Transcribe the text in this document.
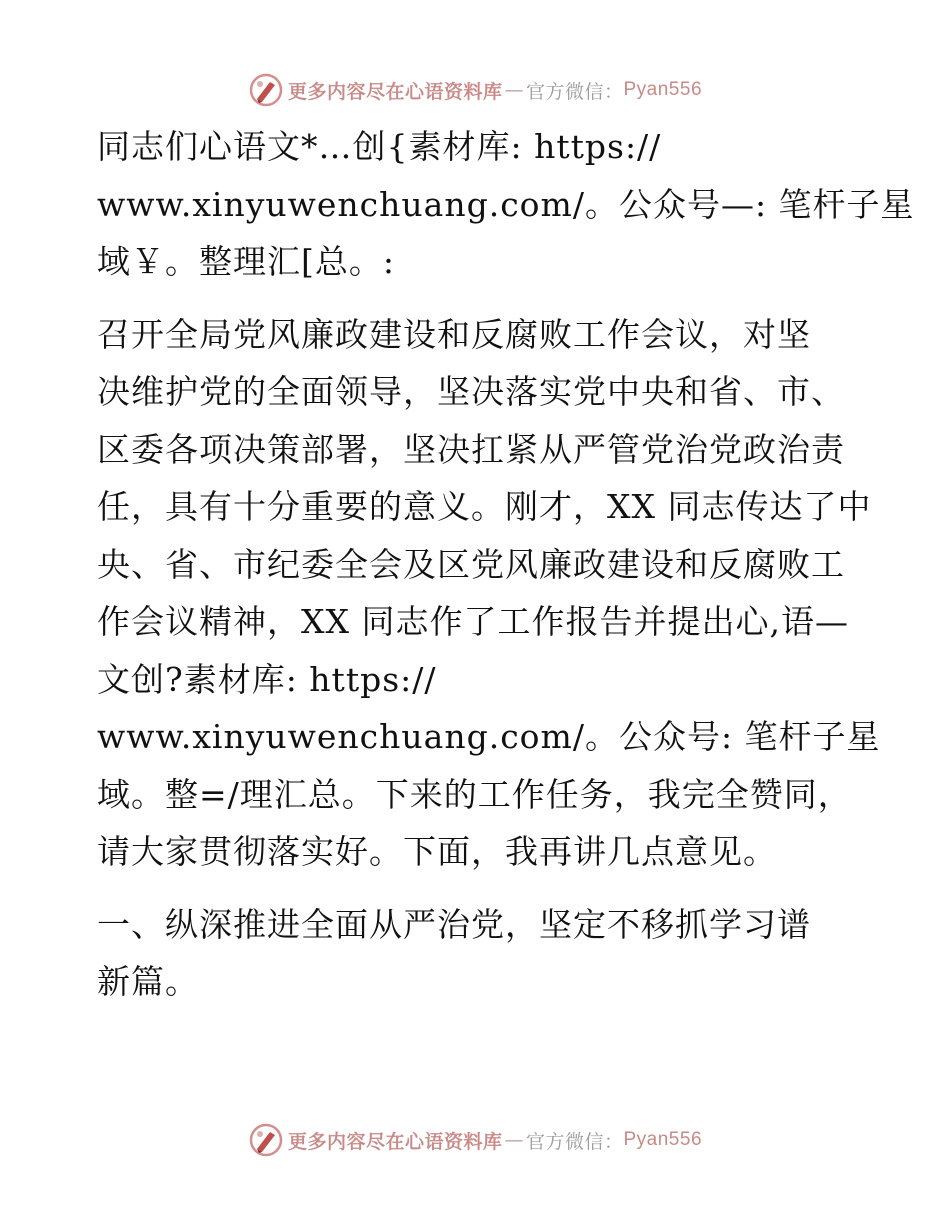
更多内容尽在心语资料库 — 官方微信： Pyan556

同志们心语文*…创{素材库: https://
www.xinyuwenchuang.com/。公众号—: 笔杆子星
域￥。整理汇[总。:

召开全局党风廉政建设和反腐败工作会议，对坚
决维护党的全面领导，坚决落实党中央和省、市、
区委各项决策部署，坚决扛紧从严管党治党政治责
任，具有十分重要的意义。刚才，XX 同志传达了中
央、省、市纪委全会及区党风廉政建设和反腐败工
作会议精神，XX 同志作了工作报告并提出心,语—
文创?素材库: https://
www.xinyuwenchuang.com/。公众号: 笔杆子星
域。整=/理汇总。下来的工作任务，我完全赞同，
请大家贯彻落实好。下面，我再讲几点意见。

一、纵深推进全面从严治党，坚定不移抓学习谱
新篇。

更多内容尽在心语资料库 — 官方微信： Pyan556
